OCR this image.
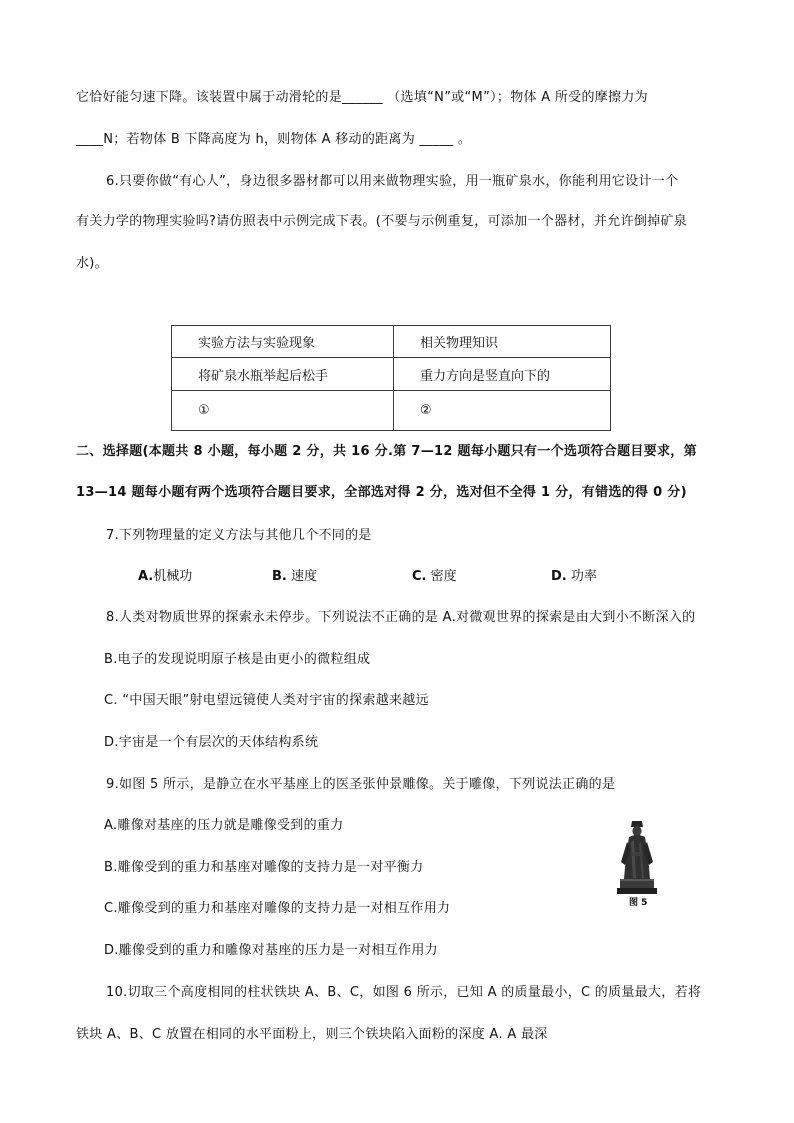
它恰好能匀速下降。该装置中属于动滑轮的是______ （选填“N”或“M”）；物体 A 所受的摩擦力为
____N；若物体 B 下降高度为 h，则物体 A 移动的距离为 _____ 。
6.只要你做“有心人”，身边很多器材都可以用来做物理实验，用一瓶矿泉水，你能利用它设计一个
有关力学的物理实验吗?请仿照表中示例完成下表。(不要与示例重复，可添加一个器材，并允许倒掉矿泉
水)。
实验方法与实验现象	相关物理知识
将矿泉水瓶举起后松手	重力方向是竖直向下的
①	②
二、选择题(本题共 8 小题，每小题 2 分，共 16 分.第 7—12 题每小题只有一个选项符合题目要求，第
13—14 题每小题有两个选项符合题目要求，全部选对得 2 分，选对但不全得 1 分，有错选的得 0 分)
7.下列物理量的定义方法与其他几个不同的是
A.机械功	B. 速度	C. 密度	D. 功率
8.人类对物质世界的探索永未停步。下列说法不正确的是 A.对微观世界的探索是由大到小不断深入的
B.电子的发现说明原子核是由更小的微粒组成
C. “中国天眼”射电望远镜使人类对宇宙的探索越来越远
D.宇宙是一个有层次的天体结构系统
9.如图 5 所示，是静立在水平基座上的医圣张仲景雕像。关于雕像，下列说法正确的是
A.雕像对基座的压力就是雕像受到的重力
B.雕像受到的重力和基座对雕像的支持力是一对平衡力
C.雕像受到的重力和基座对雕像的支持力是一对相互作用力
D.雕像受到的重力和雕像对基座的压力是一对相互作用力
图 5
10.切取三个高度相同的柱状铁块 A、B、C，如图 6 所示，已知 A 的质量最小，C 的质量最大，若将
铁块 A、B、C 放置在相同的水平面粉上，则三个铁块陷入面粉的深度 A. A 最深
